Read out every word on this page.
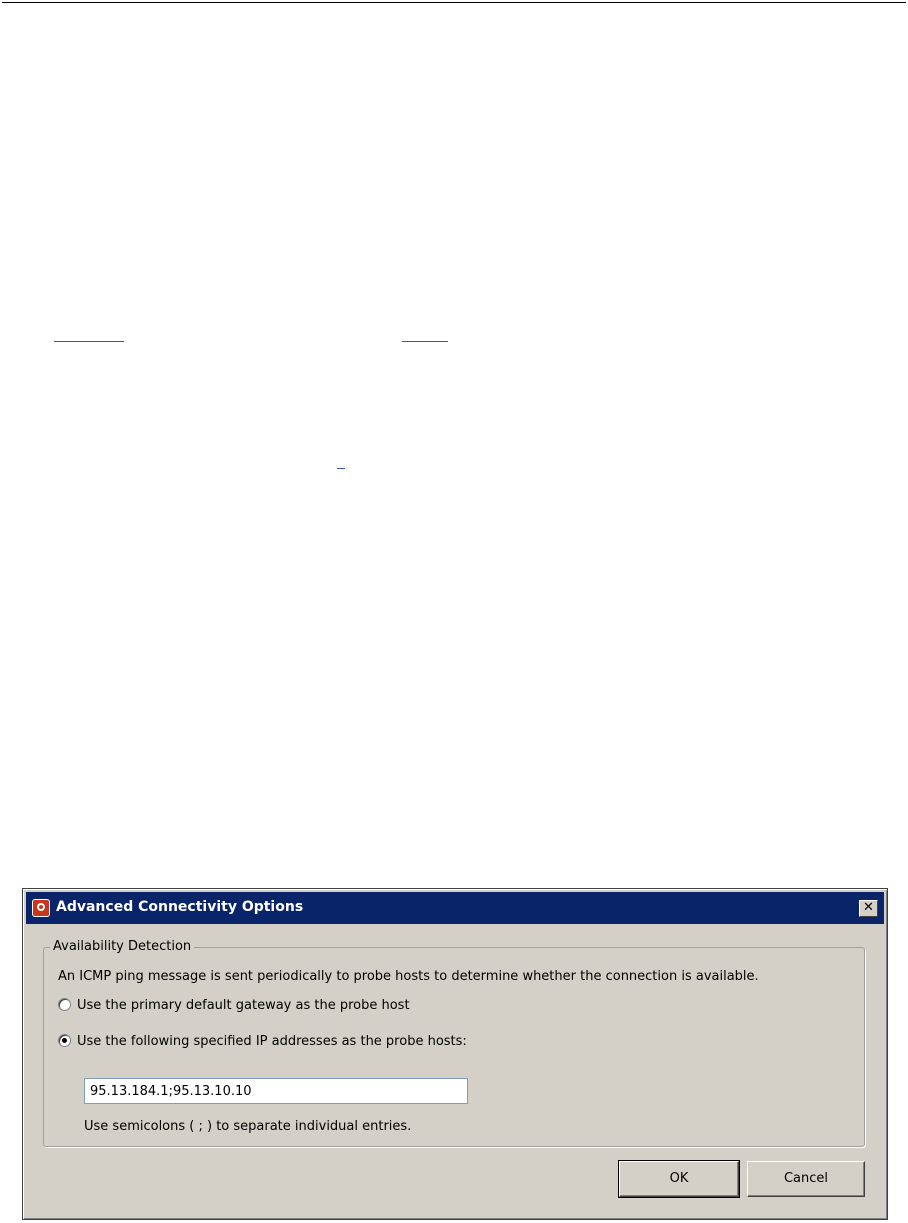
Advanced Connectivity Options	✕
Availability Detection
An ICMP ping message is sent periodically to probe hosts to determine whether the connection is available.
Use the primary default gateway as the probe host
Use the following specified IP addresses as the probe hosts:
95.13.184.1;95.13.10.10
Use semicolons ( ; ) to separate individual entries.
OK	Cancel
